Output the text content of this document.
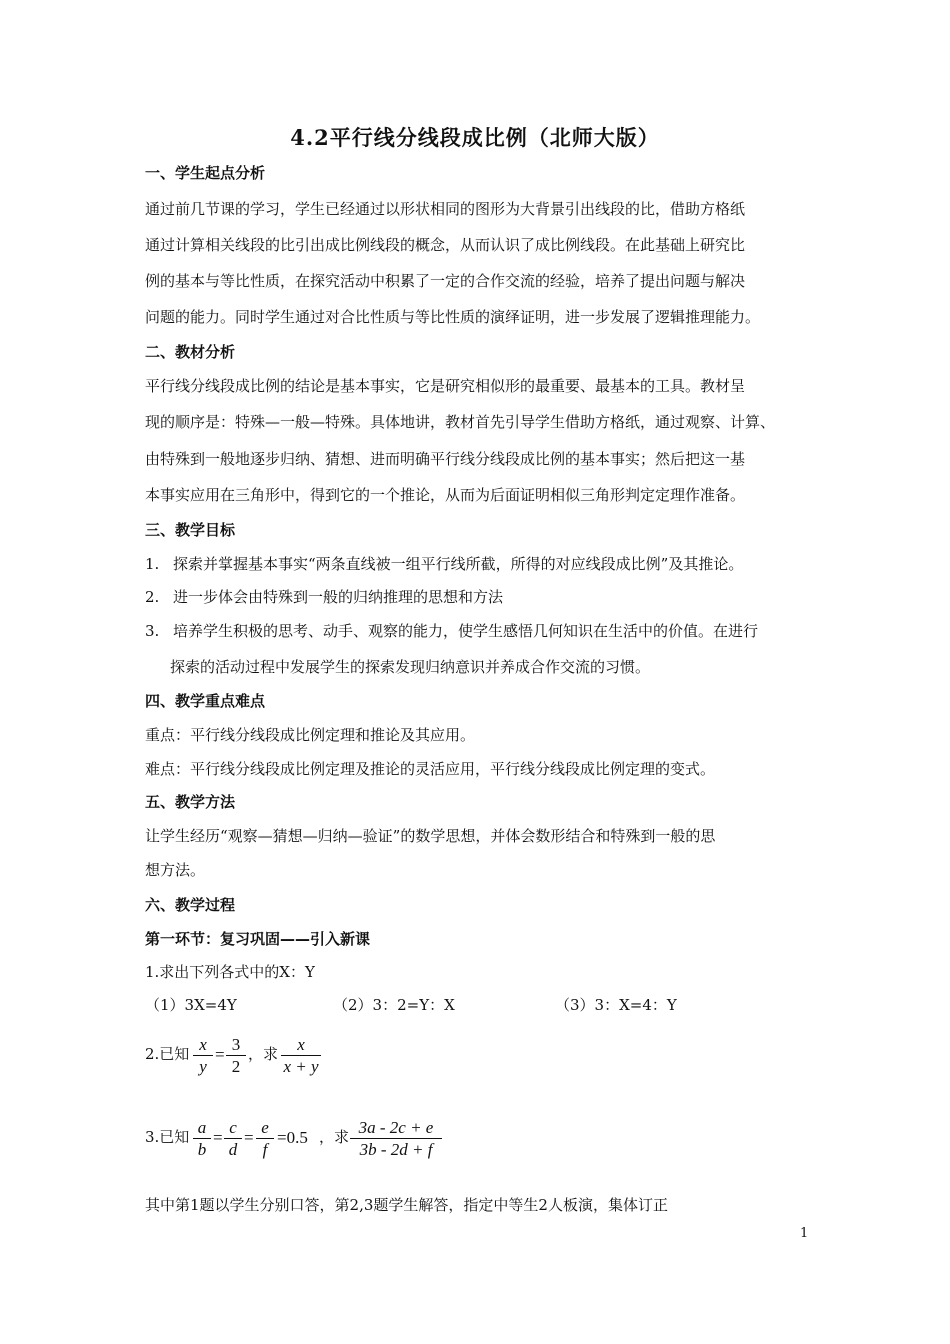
4.2平行线分线段成比例（北师大版）
一、学生起点分析
通过前几节课的学习，学生已经通过以形状相同的图形为大背景引出线段的比，借助方格纸
通过计算相关线段的比引出成比例线段的概念，从而认识了成比例线段。在此基础上研究比
例的基本与等比性质，在探究活动中积累了一定的合作交流的经验，培养了提出问题与解决
问题的能力。同时学生通过对合比性质与等比性质的演绎证明，进一步发展了逻辑推理能力。
二、教材分析
平行线分线段成比例的结论是基本事实，它是研究相似形的最重要、最基本的工具。教材呈
现的顺序是：特殊—一般—特殊。具体地讲，教材首先引导学生借助方格纸，通过观察、计算、
由特殊到一般地逐步归纳、猜想、进而明确平行线分线段成比例的基本事实；然后把这一基
本事实应用在三角形中，得到它的一个推论，从而为后面证明相似三角形判定定理作准备。
三、教学目标
1. 探索并掌握基本事实“两条直线被一组平行线所截，所得的对应线段成比例”及其推论。
2. 进一步体会由特殊到一般的归纳推理的思想和方法
3. 培养学生积极的思考、动手、观察的能力，使学生感悟几何知识在生活中的价值。在进行
探索的活动过程中发展学生的探索发现归纳意识并养成合作交流的习惯。
四、教学重点难点
重点：平行线分线段成比例定理和推论及其应用。
难点：平行线分线段成比例定理及推论的灵活应用，平行线分线段成比例定理的变式。
五、教学方法
让学生经历“观察—猜想—归纳—验证”的数学思想，并体会数形结合和特殊到一般的思
想方法。
六、教学过程
第一环节：复习巩固——引入新课
1.求出下列各式中的X：Y
（1）3X=4Y	（2）3：2=Y：X	（3）3：X=4：Y
2.已知 x
y
=
3
2
，求	x
x + y
3.已知 a
b
=
c
d
=
e
f
=0.5 ，求 3a - 2c + e
3b - 2d + f
其中第1题以学生分别口答，第2,3题学生解答，指定中等生2人板演，集体订正
1
